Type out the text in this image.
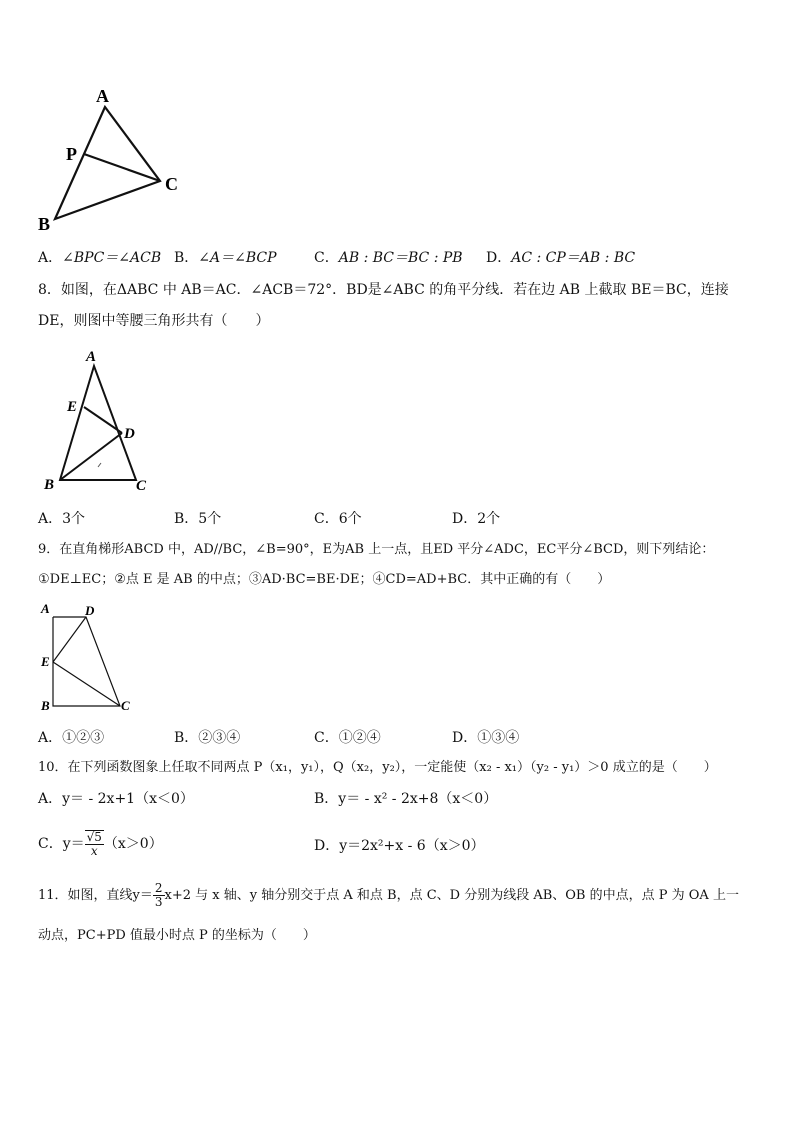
A
P
B
C
A．∠BPC＝∠ACB B．∠A＝∠BCP	C．AB : BC＝BC : PB D．AC : CP＝AB : BC
8．如图，在ΔABC 中 AB＝AC．∠ACB＝72°．BD是∠ABC 的角平分线．若在边 AB 上截取 BE＝BC，连接
DE，则图中等腰三角形共有（　　）
A
E
D
B	C
A．3个	B．5个	C．6个	D．2个
9．在直角梯形ABCD 中，AD//BC，∠B=90°，E为AB 上一点，且ED 平分∠ADC，EC平分∠BCD，则下列结论：
①DE⊥EC；②点 E 是 AB 的中点；③AD·BC=BE·DE；④CD=AD+BC．其中正确的有（　　）
A	D
E
B	C
A．①②③	B．②③④	C．①②④	D．①③④
10．在下列函数图象上任取不同两点 P（x₁，y₁），Q（x₂，y₂），一定能使（x₂ - x₁）（y₂ - y₁）＞0 成立的是（　　）
A．y＝ - 2x+1（x＜0）	B．y＝ - x² - 2x+8（x＜0）
C．$y= \frac{√5}{x} (x>0)$	D．y＝2x²+x - 6（x＞0）
11．如图，直线$y= \frac{2}{3} x+2$ 与 x 轴、y 轴分别交于点 A 和点 B，点 C、D 分别为线段 AB、OB 的中点，点 P 为 OA 上一
动点，PC+PD 值最小时点 P 的坐标为（　　）
